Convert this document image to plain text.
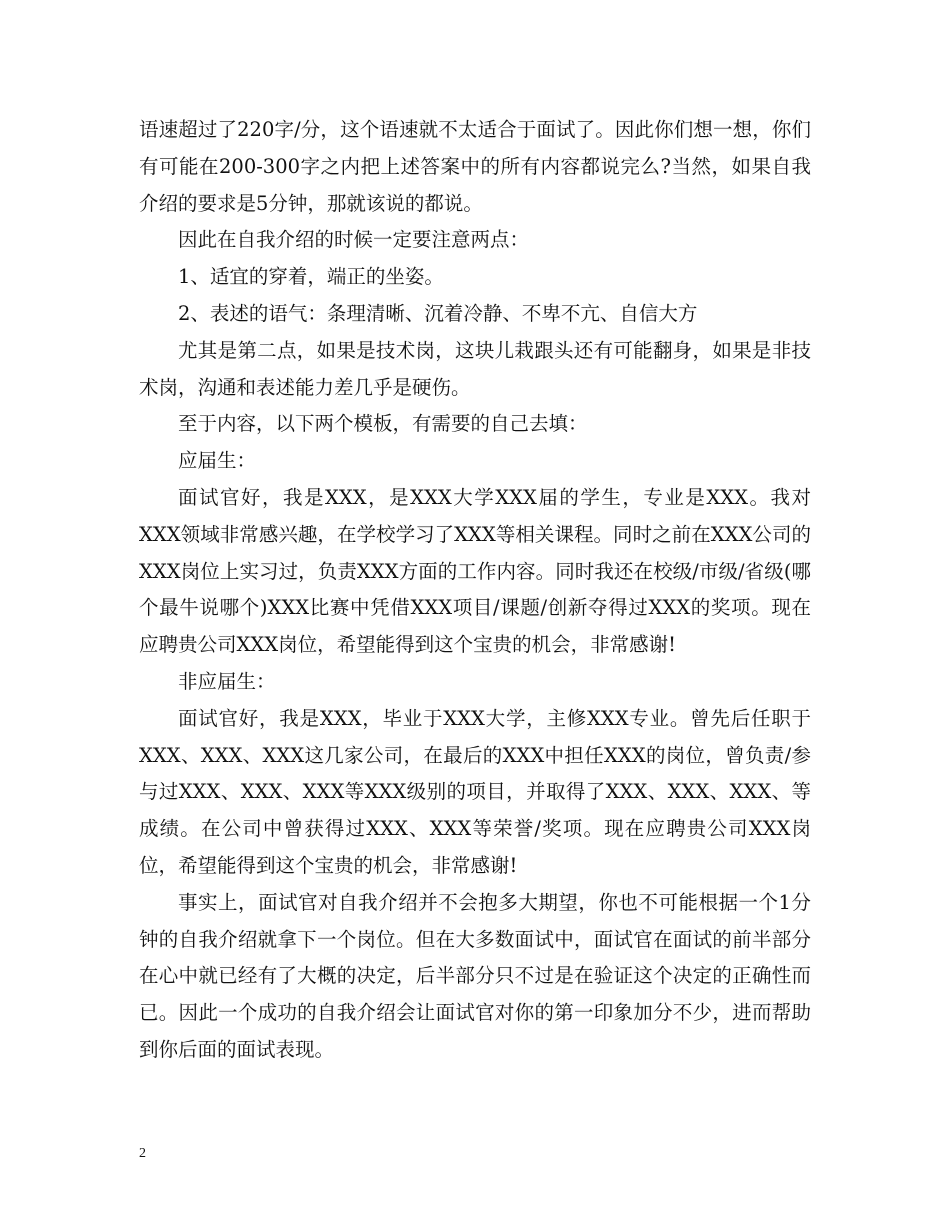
语速超过了220字/分，这个语速就不太适合于面试了。因此你们想一想，你们有可能在200-300字之内把上述答案中的所有内容都说完么?当然，如果自我介绍的要求是5分钟，那就该说的都说。

因此在自我介绍的时候一定要注意两点：

1、适宜的穿着，端正的坐姿。

2、表述的语气：条理清晰、沉着冷静、不卑不亢、自信大方

尤其是第二点，如果是技术岗，这块儿栽跟头还有可能翻身，如果是非技术岗，沟通和表述能力差几乎是硬伤。

至于内容，以下两个模板，有需要的自己去填：

应届生：

面试官好，我是XXX，是XXX大学XXX届的学生，专业是XXX。我对XXX领域非常感兴趣，在学校学习了XXX等相关课程。同时之前在XXX公司的XXX岗位上实习过，负责XXX方面的工作内容。同时我还在校级/市级/省级(哪个最牛说哪个)XXX比赛中凭借XXX项目/课题/创新夺得过XXX的奖项。现在应聘贵公司XXX岗位，希望能得到这个宝贵的机会，非常感谢!

非应届生：

面试官好，我是XXX，毕业于XXX大学，主修XXX专业。曾先后任职于XXX、XXX、XXX这几家公司，在最后的XXX中担任XXX的岗位，曾负责/参与过XXX、XXX、XXX等XXX级别的项目，并取得了XXX、XXX、XXX、等成绩。在公司中曾获得过XXX、XXX等荣誉/奖项。现在应聘贵公司XXX岗位，希望能得到这个宝贵的机会，非常感谢!

事实上，面试官对自我介绍并不会抱多大期望，你也不可能根据一个1分钟的自我介绍就拿下一个岗位。但在大多数面试中，面试官在面试的前半部分在心中就已经有了大概的决定，后半部分只不过是在验证这个决定的正确性而已。因此一个成功的自我介绍会让面试官对你的第一印象加分不少，进而帮助到你后面的面试表现。

2
